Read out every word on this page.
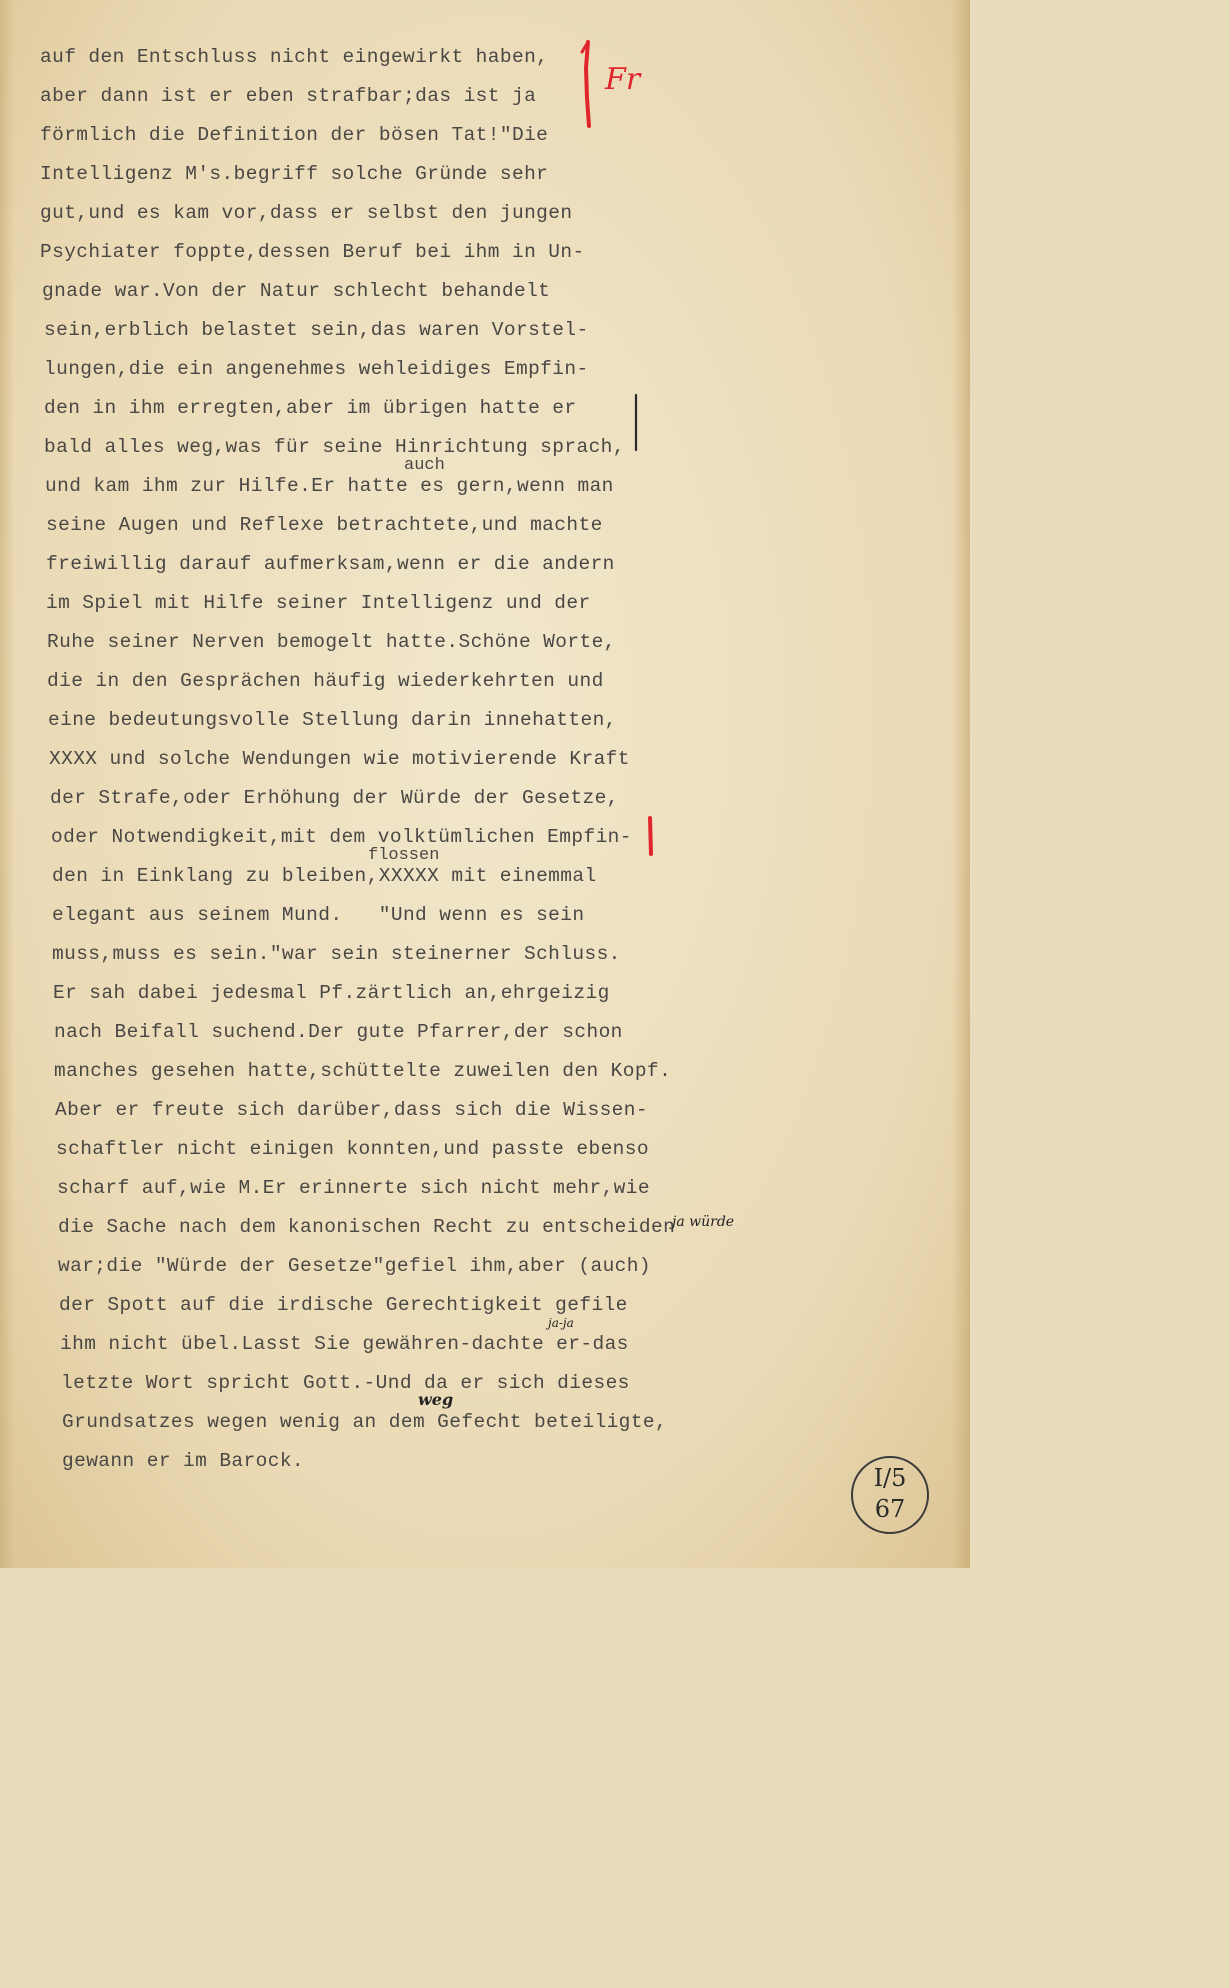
Fr

auf den Entschluss nicht eingewirkt haben,

aber dann ist er eben strafbar;das ist ja

förmlich die Definition der bösen Tat!"Die

Intelligenz M's.begriff solche Gründe sehr

gut,und es kam vor,dass er selbst den jungen

Psychiater foppte,dessen Beruf bei ihm in Un-

gnade war.Von der Natur schlecht behandelt

sein,erblich belastet sein,das waren Vorstel-

lungen,die ein angenehmes wehleidiges Empfin-

den in ihm erregten,aber im übrigen hatte er

bald alles weg,was für seine Hinrichtung sprach,

und kam ihm zur Hilfe.Er hatte es gern,wenn man

seine Augen und Reflexe betrachtete,und machte

freiwillig darauf aufmerksam,wenn er die andern

im Spiel mit Hilfe seiner Intelligenz und der

Ruhe seiner Nerven bemogelt hatte.Schöne Worte,

die in den Gesprächen häufig wiederkehrten und

eine bedeutungsvolle Stellung darin innehatten,

XXXX und solche Wendungen wie motivierende Kraft

der Strafe,oder Erhöhung der Würde der Gesetze,

oder Notwendigkeit,mit dem volktümlichen Empfin-

den in Einklang zu bleiben,XXXXX mit einemmal

elegant aus seinem Mund.   "Und wenn es sein

muss,muss es sein."war sein steinerner Schluss.

Er sah dabei jedesmal Pf.zärtlich an,ehrgeizig

nach Beifall suchend.Der gute Pfarrer,der schon

manches gesehen hatte,schüttelte zuweilen den Kopf.

Aber er freute sich darüber,dass sich die Wissen-

schaftler nicht einigen konnten,und passte ebenso

scharf auf,wie M.Er erinnerte sich nicht mehr,wie

die Sache nach dem kanonischen Recht zu entscheiden

war;die "Würde der Gesetze"gefiel ihm,aber (auch)

der Spott auf die irdische Gerechtigkeit gefile

ihm nicht übel.Lasst Sie gewähren-dachte er-das

letzte Wort spricht Gott.-Und da er sich dieses

Grundsatzes wegen wenig an dem Gefecht beteiligte,

gewann er im Barock.

auch
flossen
ja würde
ja-ja
weg
I/5
67
